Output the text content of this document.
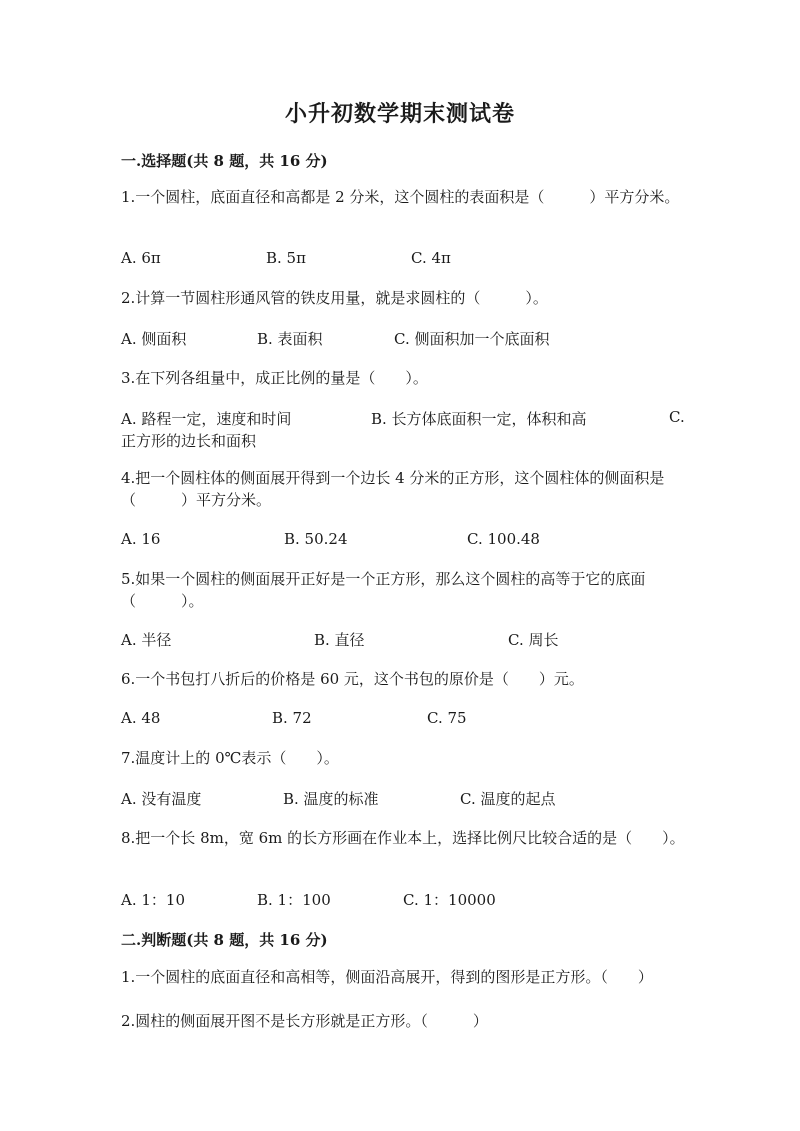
小升初数学期末测试卷
一.选择题(共 8 题，共 16 分)
1.一个圆柱，底面直径和高都是 2 分米，这个圆柱的表面积是（　　　）平方分米。
A. 6π	B. 5π	C. 4π
2.计算一节圆柱形通风管的铁皮用量，就是求圆柱的（　　　）。
A. 侧面积	B. 表面积	C. 侧面积加一个底面积
3.在下列各组量中，成正比例的量是（　　）。
A. 路程一定，速度和时间	B. 长方体底面积一定，体积和高	C.
正方形的边长和面积
4.把一个圆柱体的侧面展开得到一个边长 4 分米的正方形，这个圆柱体的侧面积是（　　　）平方分米。
A. 16	B. 50.24	C. 100.48
5.如果一个圆柱的侧面展开正好是一个正方形，那么这个圆柱的高等于它的底面（　　　）。
A. 半径	B. 直径	C. 周长
6.一个书包打八折后的价格是 60 元，这个书包的原价是（　　）元。
A. 48	B. 72	C. 75
7.温度计上的 0℃表示（　　）。
A. 没有温度	B. 温度的标准	C. 温度的起点
8.把一个长 8m，宽 6m 的长方形画在作业本上，选择比例尺比较合适的是（　　）。
A. 1：10	B. 1：100	C. 1：10000
二.判断题(共 8 题，共 16 分)
1.一个圆柱的底面直径和高相等，侧面沿高展开，得到的图形是正方形。（　　）
2.圆柱的侧面展开图不是长方形就是正方形。（　　　）
